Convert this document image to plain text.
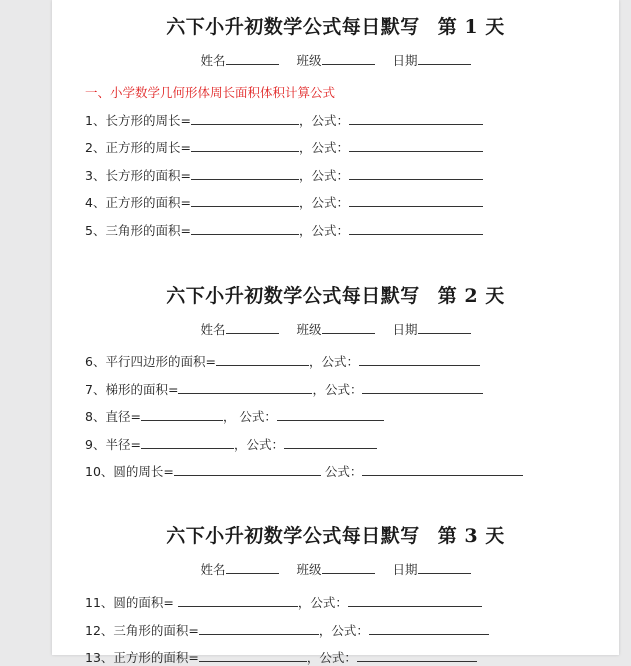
六下小升初数学公式每日默写 第 1 天
姓名	班级	日期
一、小学数学几何形体周长面积体积计算公式
1、长方形的周长=	，公式：
2、正方形的周长=	，公式：
3、长方形的面积=	，公式：
4、正方形的面积=	，公式：
5、三角形的面积=	，公式：
六下小升初数学公式每日默写 第 2 天
姓名	班级	日期
6、平行四边形的面积=	，公式：
7、梯形的面积=	，公式：
8、直径=	， 公式：
9、半径=	，公式：
10、圆的周长=	公式：
六下小升初数学公式每日默写 第 3 天
姓名	班级	日期
11、圆的面积=	，公式：
12、三角形的面积=	，公式：
13、正方形的面积=	，公式：
